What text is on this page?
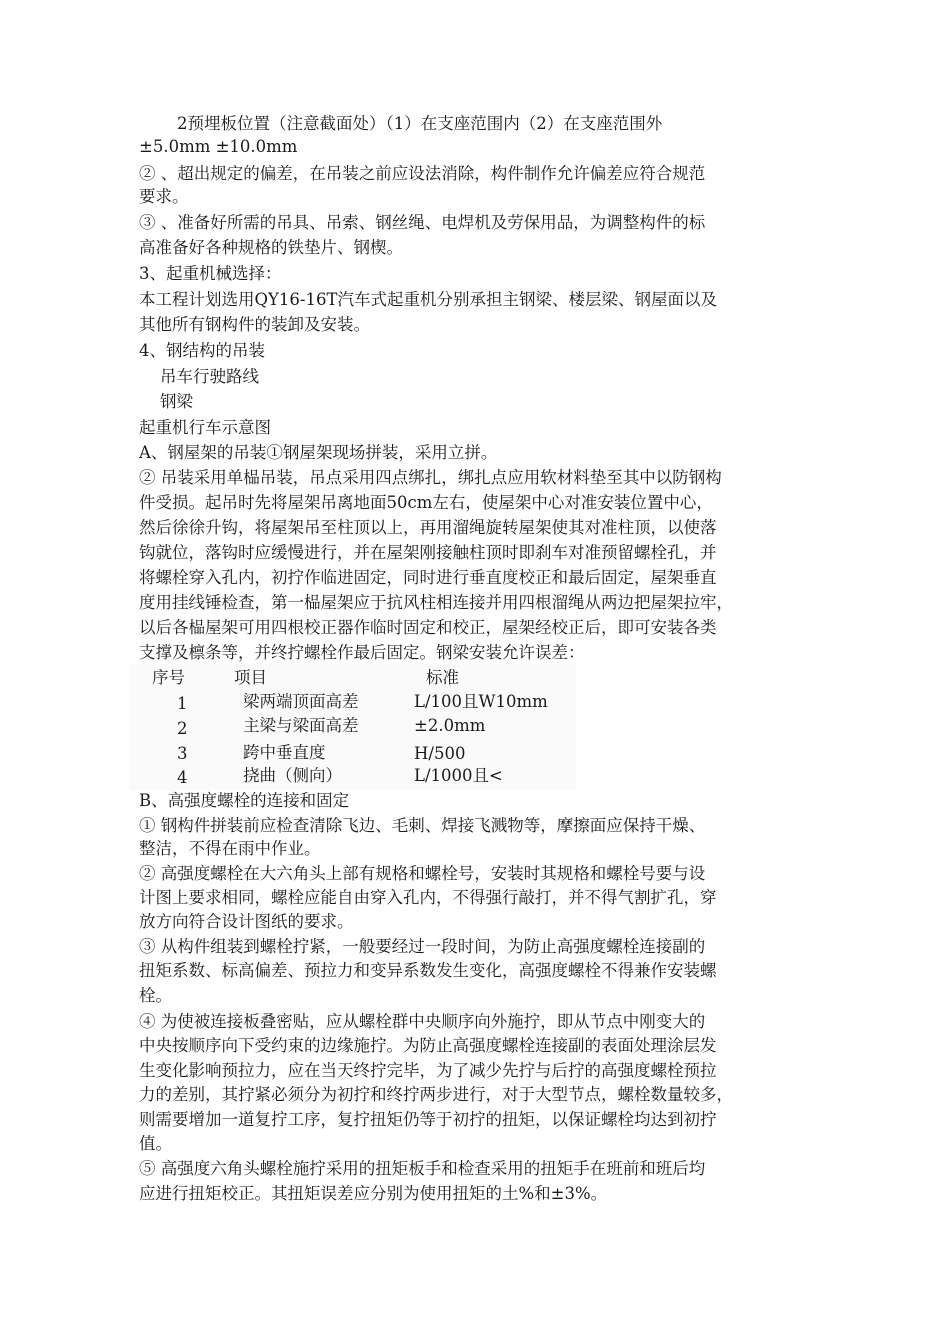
2预埋板位置（注意截面处）（1）在支座范围内（2）在支座范围外
±5.0mm ±10.0mm
② 、超出规定的偏差，在吊装之前应设法消除，构件制作允许偏差应符合规范
要求。
③ 、准备好所需的吊具、吊索、钢丝绳、电焊机及劳保用品，为调整构件的标
高准备好各种规格的铁垫片、钢楔。
3、起重机械选择：
本工程计划选用QY16-16T汽车式起重机分别承担主钢梁、楼层梁、钢屋面以及
其他所有钢构件的装卸及安装。
4、钢结构的吊装
吊车行驶路线
钢梁
起重机行车示意图
A、钢屋架的吊装①钢屋架现场拼装，采用立拼。
② 吊装采用单榀吊装，吊点采用四点绑扎，绑扎点应用软材料垫至其中以防钢构
件受损。起吊时先将屋架吊离地面50cm左右，使屋架中心对准安装位置中心，
然后徐徐升钩，将屋架吊至柱顶以上，再用溜绳旋转屋架使其对准柱顶，以使落
钩就位，落钩时应缓慢进行，并在屋架刚接触柱顶时即刹车对准预留螺栓孔，并
将螺栓穿入孔内，初拧作临进固定，同时进行垂直度校正和最后固定，屋架垂直
度用挂线锤检查，第一榀屋架应于抗风柱相连接并用四根溜绳从两边把屋架拉牢，
以后各榀屋架可用四根校正器作临时固定和校正，屋架经校正后，即可安装各类
支撑及檩条等，并终拧螺栓作最后固定。钢梁安装允许误差：
序号	项目	标准
1	梁两端顶面高差	L/100且W10mm
2	主梁与梁面高差	±2.0mm
3	跨中垂直度	H/500
4	挠曲（侧向）	L/1000且<
B、高强度螺栓的连接和固定
① 钢构件拼装前应检查清除飞边、毛刺、焊接飞溅物等，摩擦面应保持干燥、
整洁，不得在雨中作业。
② 高强度螺栓在大六角头上部有规格和螺栓号，安装时其规格和螺栓号要与设
计图上要求相同，螺栓应能自由穿入孔内，不得强行敲打，并不得气割扩孔，穿
放方向符合设计图纸的要求。
③ 从构件组装到螺栓拧紧，一般要经过一段时间，为防止高强度螺栓连接副的
扭矩系数、标高偏差、预拉力和变异系数发生变化，高强度螺栓不得兼作安装螺
栓。
④ 为使被连接板叠密贴，应从螺栓群中央顺序向外施拧，即从节点中刚变大的
中央按顺序向下受约束的边缘施拧。为防止高强度螺栓连接副的表面处理涂层发
生变化影响预拉力，应在当天终拧完毕，为了减少先拧与后拧的高强度螺栓预拉
力的差别，其拧紧必须分为初拧和终拧两步进行，对于大型节点，螺栓数量较多，
则需要增加一道复拧工序，复拧扭矩仍等于初拧的扭矩，以保证螺栓均达到初拧
值。
⑤ 高强度六角头螺栓施拧采用的扭矩板手和检查采用的扭矩手在班前和班后均
应进行扭矩校正。其扭矩误差应分别为使用扭矩的土%和±3%。
